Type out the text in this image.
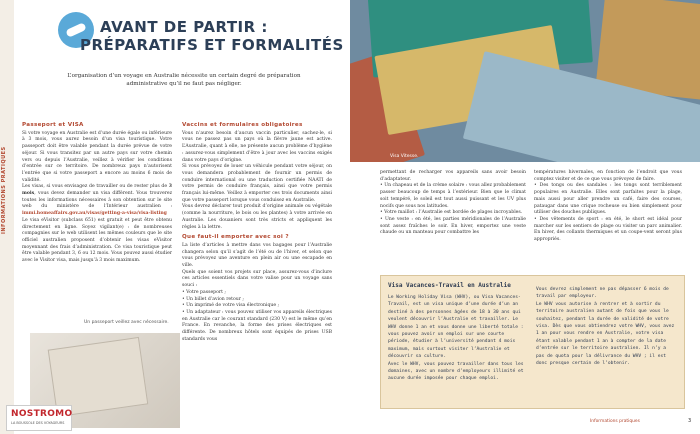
INFORMATIONS PRATIQUES
AVANT DE PARTIR :
PRÉPARATIFS ET FORMALITÉS
L’organisation d’un voyage en Australie nécessite un certain degré de préparation administrative qu’il ne faut pas négliger.
Passeport et VISA

Si votre voyage en Australie est d’une durée égale ou inférieure à 3 mois, vous aurez besoin d’un visa touristique. Votre passeport doit être valable pendant la durée prévue de votre séjour. Si vous transitez par un autre pays sur votre chemin vers ou depuis l’Australie, veillez à vérifier les conditions d’entrée sur ce territoire. De nombreux pays n’autorisent l’entrée que si votre passeport a encore au moins 6 mois de validité.

Les visas, si vous envisagez de travailler ou de rester plus de 3 mois, vous devez demander un visa différent. Vous trouverez toutes les informations nécessaires à son obtention sur le site web du ministère de l’Intérieur australien : immi.homeaffairs.gov.au/visas/getting-a-visa/visa-listing

Le visa eVisitor (subclass 651) est gratuit et peut être obtenu directement en ligne. Soyez vigilant(e) : de nombreuses compagnies sur le web utilisent les mêmes couleurs que le site officiel australien proposent d’obtenir les visas eVisitor moyennant des frais d’administration. Ce visa touristique peut être valable pendant 3, 6 ou 12 mois. Vous pouvez aussi étudier avec le Visitor visa, mais jusqu’à 3 mois maximum.

Vaccins et formulaires obligatoires

Vous n’aurez besoin d’aucun vaccin particulier, sachez-le, si vous ne passez pas un pays où la fièvre jaune est active. L’Australie, quant à elle, ne présente aucun problème d’hygiène : assurez-vous simplement d’être à jour avec les vaccins exigés dans votre pays d’origine.

Si vous prévoyez de louer un véhicule pendant votre séjour, on vous demandera probablement de fournir un permis de conduire international ou une traduction certifiée NAATI de votre permis de conduire français, ainsi que votre permis français lui-même. Veillez à emporter ces trois documents ainsi que votre passeport lorsque vous conduisez en Australie.

Vous devrez déclarer tout produit d’origine animale ou végétale (comme la nourriture, le bois ou les plantes) à votre arrivée en Australie. Les douaniers sont très stricts et appliquent les règles à la lettre.

Que faut-il emporter avec soi ?

La liste d’articles à mettre dans vos bagages pour l’Australie changera selon qu’il s’agit de l’été ou de l’hiver, et selon que vous prévoyez une aventure en plein air ou une escapade en ville.

Quels que soient vos projets sur place, assurez-vous d’inclure ces articles essentiels dans votre valise pour un voyage sans souci :

• Votre passeport ;
• Un billet d’avion retour ;
• Un imprimé de votre visa électronique ;
• Un adaptateur : vous pouvez utiliser vos appareils électriques en Australie car le courant standard (230 V) est le même qu’en France. En revanche, la forme des prises électriques est différente. De nombreux hôtels sont équipés de prises USB standards vous

Un passeport veillez avec nécessaire.
NOSTROMO
LA BOUSSOLE DES VOYAGEURS
Visa Vitesse.
permettant de recharger vos appareils sans avoir besoin d’adaptateur.
• Un chapeau et de la crème solaire : vous allez probablement passer beaucoup de temps à l’extérieur. Bien que le climat soit tempéré, le soleil est tout aussi puissant et les UV plus nocifs que sous nos latitudes.
• Votre maillot : l’Australie est bordée de plages incroyables.
• Une veste : en été, les parties méridionales de l’Australie sont assez fraîches le soir. En hiver, emportez une veste chaude ou un manteau pour combattre les
températures hivernales, en fonction de l’endroit que vous comptez visiter et de ce que vous prévoyez de faire.
• Des tongs ou des sandales : les tongs sont terriblement populaires en Australie. Elles sont parfaites pour la plage, mais aussi pour aller prendre un café, faire des courses, pataugar dans une crique rocheuse ou bien simplement pour utiliser des douches publiques.
• Des vêtements de sport : en été, le short est idéal pour marcher sur les sentiers de plage ou visiter un parc animalier. En hiver, des collants thermiques et un coupe-vent seront plus appropriés.
Visa Vacances-Travail en Australie
Le Working Holiday Visa (WHV), ou Visa Vacances-Travail, est un visa unique d’une durée d’un an destiné à des personnes âgées de 18 à 30 ans qui veulent découvrir l’Australie et travailler. Le WHV donne 1 an et vous donne une liberté totale : vous pouvez avoir un emploi sur une courte période, étudier à l’université pendant 4 mois maximum, mais surtout visiter l’Australie et découvrir sa culture.
Avec le WHV, vous pouvez travailler dans tous les domaines, avec un nombre d’employeurs illimité et aucune durée imposée pour chaque emploi.
Vous devrez simplement ne pas dépasser 6 mois de travail par employeur.
Le WHV vous autorise à rentrer et à sortir du territoire australien autant de fois que vous le souhaitez, pendant la durée de validité de votre visa. Dès que vous obtiendrez votre WHV, vous avez 1 an pour vous rendre en Australie, votre visa étant valable pendant 1 an à compter de la date d’entrée sur le territoire australien. Il n’y a pas de quota pour la délivrance du WHV ; il est donc presque certain de l’obtenir.
Informations pratiques	3
